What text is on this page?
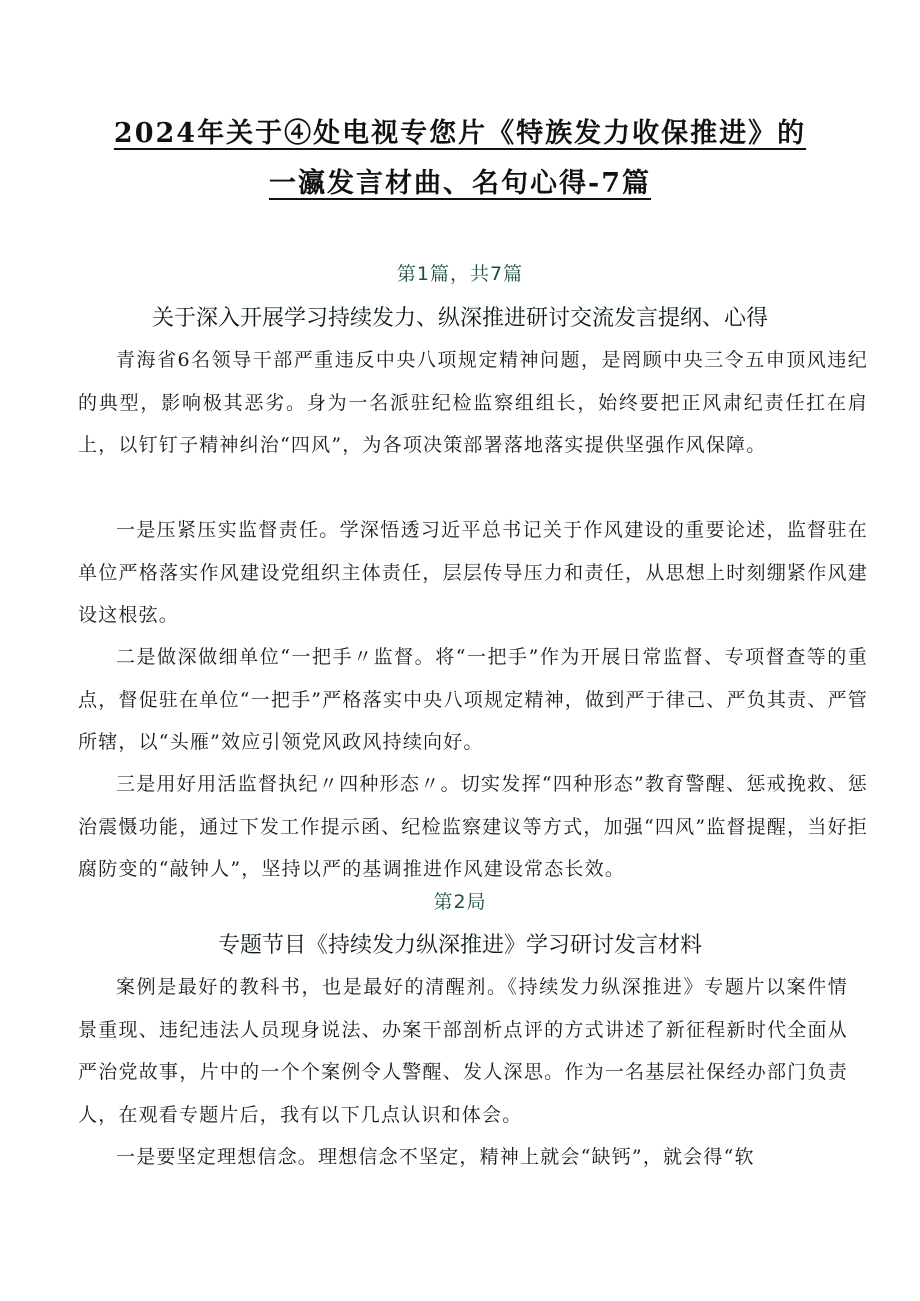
2024年关于④处电视专您片《特族发力收保推进》的
一瀛发言材曲、名句心得-7篇
第1篇，共7篇
关于深入开展学习持续发力、纵深推进研讨交流发言提纲、心得

青海省6名领导干部严重违反中央八项规定精神问题，是罔顾中央三令五申顶风违纪的典型，影响极其恶劣。身为一名派驻纪检监察组组长，始终要把正风肃纪责任扛在肩上，以钉钉子精神纠治“四风”，为各项决策部署落地落实提供坚强作风保障。

一是压紧压实监督责任。学深悟透习近平总书记关于作风建设的重要论述，监督驻在单位严格落实作风建设党组织主体责任，层层传导压力和责任，从思想上时刻绷紧作风建设这根弦。

二是做深做细单位“一把手〃监督。将“一把手”作为开展日常监督、专项督查等的重点，督促驻在单位“一把手”严格落实中央八项规定精神，做到严于律己、严负其责、严管所辖，以“头雁”效应引领党风政风持续向好。

三是用好用活监督执纪〃四种形态〃。切实发挥“四种形态”教育警醒、惩戒挽救、惩治震慑功能，通过下发工作提示函、纪检监察建议等方式，加强“四风”监督提醒，当好拒腐防变的“敲钟人”，坚持以严的基调推进作风建设常态长效。

第2局
专题节目《持续发力纵深推进》学习研讨发言材料

案例是最好的教科书，也是最好的清醒剂。《持续发力纵深推进》专题片以案件情景重现、违纪违法人员现身说法、办案干部剖析点评的方式讲述了新征程新时代全面从严治党故事，片中的一个个案例令人警醒、发人深思。作为一名基层社保经办部门负责人，在观看专题片后，我有以下几点认识和体会。

一是要坚定理想信念。理想信念不坚定，精神上就会“缺钙”，就会得“软
